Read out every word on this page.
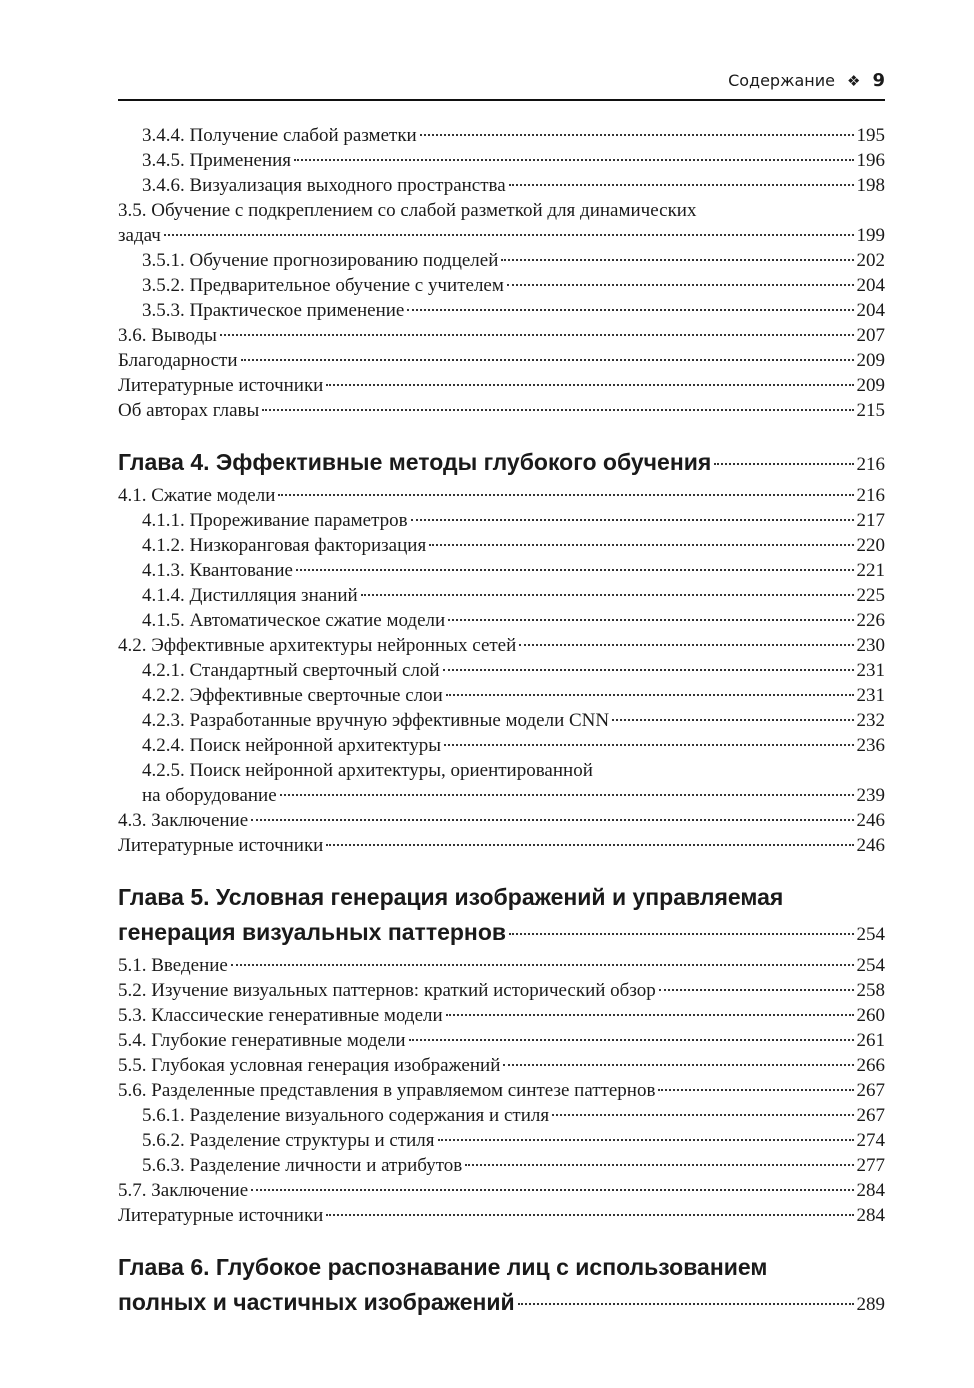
Содержание ❖ 9
3.4.4. Получение слабой разметки	195
3.4.5. Применения	196
3.4.6. Визуализация выходного пространства	198
3.5. Обучение с подкреплением со слабой разметкой для динамических
задач	199
3.5.1. Обучение прогнозированию подцелей	202
3.5.2. Предварительное обучение с учителем	204
3.5.3. Практическое применение	204
3.6. Выводы	207
Благодарности	209
Литературные источники	209
Об авторах главы	215
Глава 4. Эффективные методы глубокого обучения	216
4.1. Сжатие модели	216
4.1.1. Прореживание параметров	217
4.1.2. Низкоранговая факторизация	220
4.1.3. Квантование	221
4.1.4. Дистилляция знаний	225
4.1.5. Автоматическое сжатие модели	226
4.2. Эффективные архитектуры нейронных сетей	230
4.2.1. Стандартный сверточный слой	231
4.2.2. Эффективные сверточные слои	231
4.2.3. Разработанные вручную эффективные модели CNN	232
4.2.4. Поиск нейронной архитектуры	236
4.2.5. Поиск нейронной архитектуры, ориентированной
на оборудование	239
4.3. Заключение	246
Литературные источники	246
Глава 5. Условная генерация изображений и управляемая
генерация визуальных паттернов	254
5.1. Введение	254
5.2. Изучение визуальных паттернов: краткий исторический обзор	258
5.3. Классические генеративные модели	260
5.4. Глубокие генеративные модели	261
5.5. Глубокая условная генерация изображений	266
5.6. Разделенные представления в управляемом синтезе паттернов	267
5.6.1. Разделение визуального содержания и стиля	267
5.6.2. Разделение структуры и стиля	274
5.6.3. Разделение личности и атрибутов	277
5.7. Заключение	284
Литературные источники	284
Глава 6. Глубокое распознавание лиц с использованием
полных и частичных изображений	289
